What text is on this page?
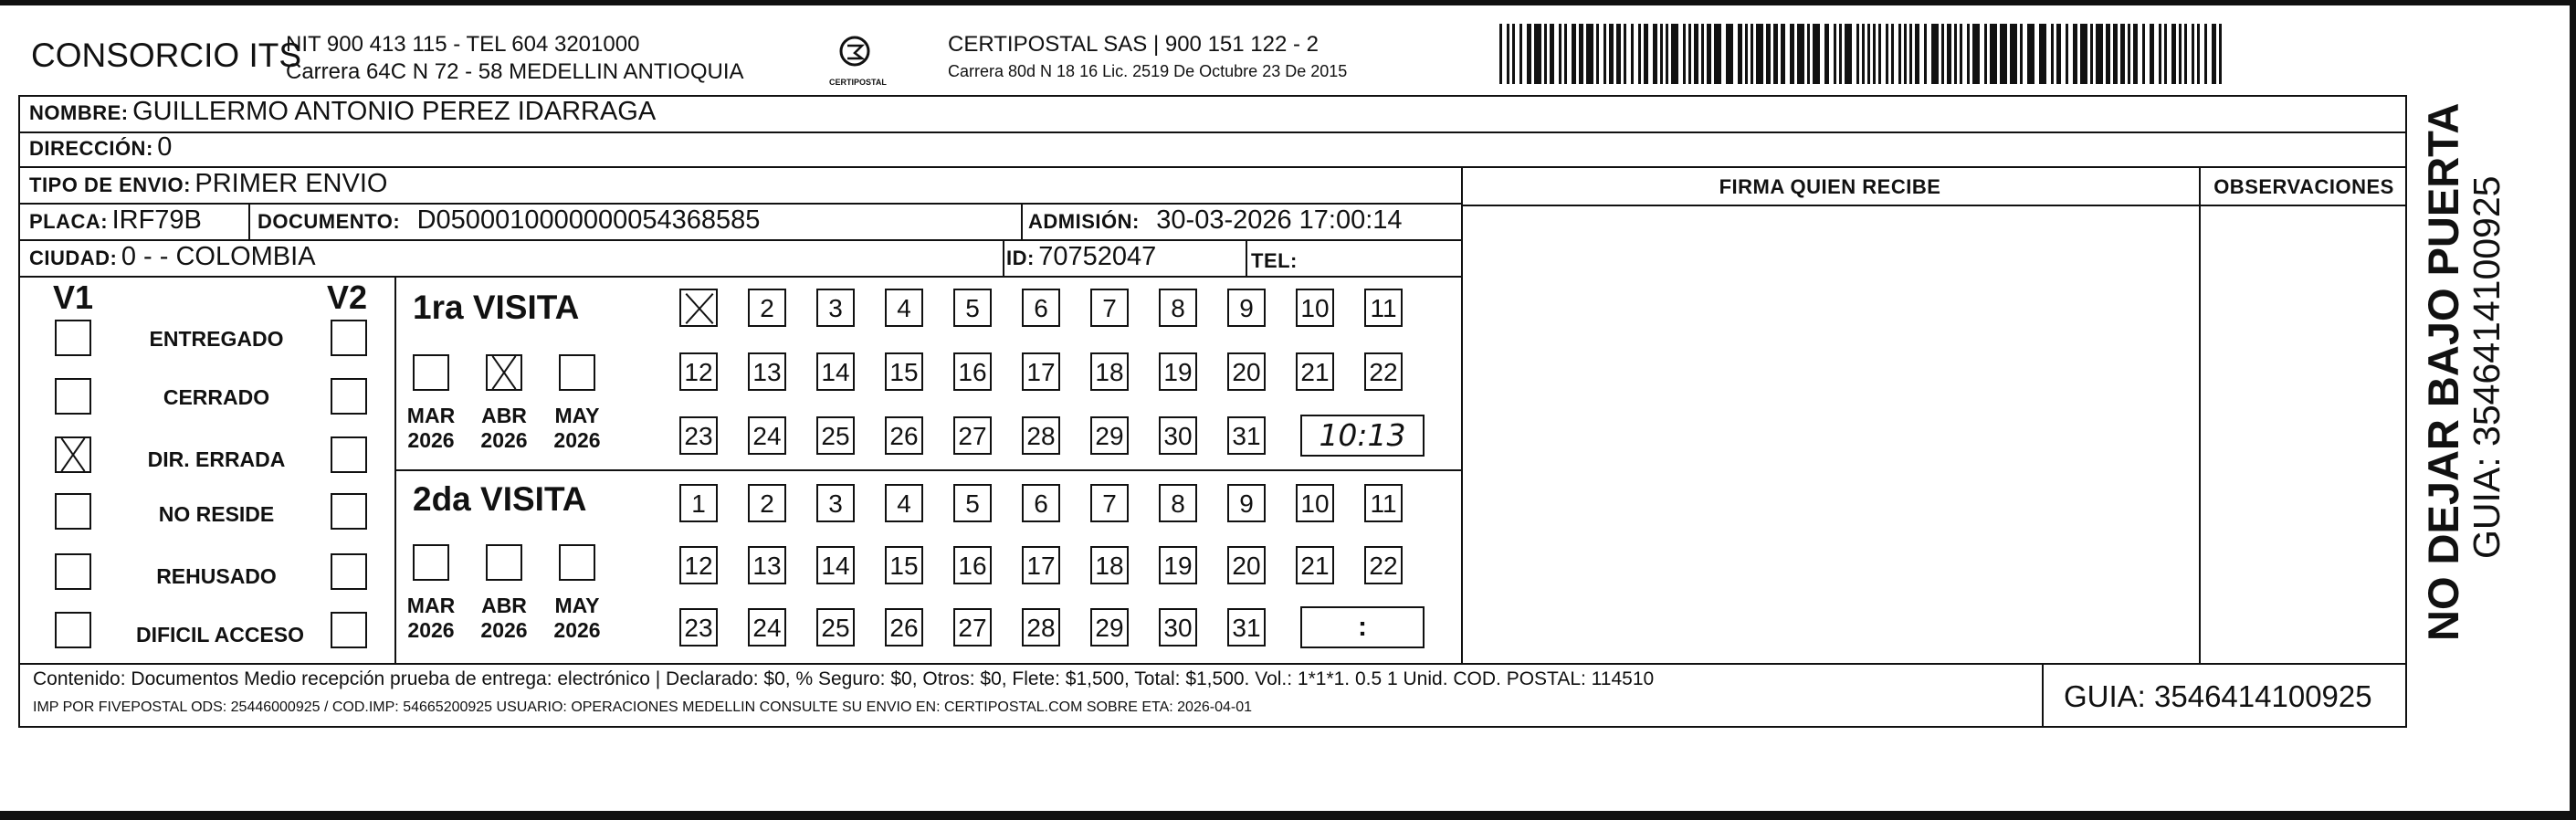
CONSORCIO ITS
NIT 900 413 115 - TEL 604 3201000
Carrera 64C N 72 - 58 MEDELLIN ANTIOQUIA	CERTIPOSTAL
CERTIPOSTAL SAS | 900 151 122 - 2
Carrera 80d N 18 16 Lic. 2519 De Octubre 23 De 2015
NOMBRE: GUILLERMO ANTONIO PEREZ IDARRAGA
DIRECCIÓN: 0
TIPO DE ENVIO: PRIMER ENVIO
PLACA: IRF79B	DOCUMENTO: D0500010000000054368585	ADMISIÓN: 30-03-2026 17:00:14
CIUDAD: 0 - - COLOMBIA	ID: 70752047	TEL:
FIRMA QUIEN RECIBE	OBSERVACIONES
V1	V2
ENTREGADO
CERRADO
DIR. ERRADA
NO RESIDE
REHUSADO
DIFICIL ACCESO
1ra VISITA
MAR
2026
ABR
2026
MAY
2026
2	3	4	5	6	7	8	9	10 11
12 13 14 15 16 17 18 19 20 21 22
23 24 25 26 27 28 29 30 31	10:13
2da VISITA
MAR
2026
ABR
2026
MAY
2026
1	2	3	4	5	6	7	8	9	10 11
12 13 14 15 16 17 18 19 20 21 22
23 24 25 26 27 28 29 30 31	:
Contenido: Documentos Medio recepción prueba de entrega: electrónico | Declarado: $0, % Seguro: $0, Otros: $0, Flete: $1,500, Total: $1,500. Vol.: 1*1*1. 0.5 1 Unid. COD. POSTAL: 114510
IMP POR FIVEPOSTAL ODS: 25446000925 / COD.IMP: 54665200925 USUARIO: OPERACIONES MEDELLIN CONSULTE SU ENVIO EN: CERTIPOSTAL.COM SOBRE ETA: 2026-04-01	GUIA: 3546414100925
NO DEJAR BAJO PUERTA
GUIA: 3546414100925
